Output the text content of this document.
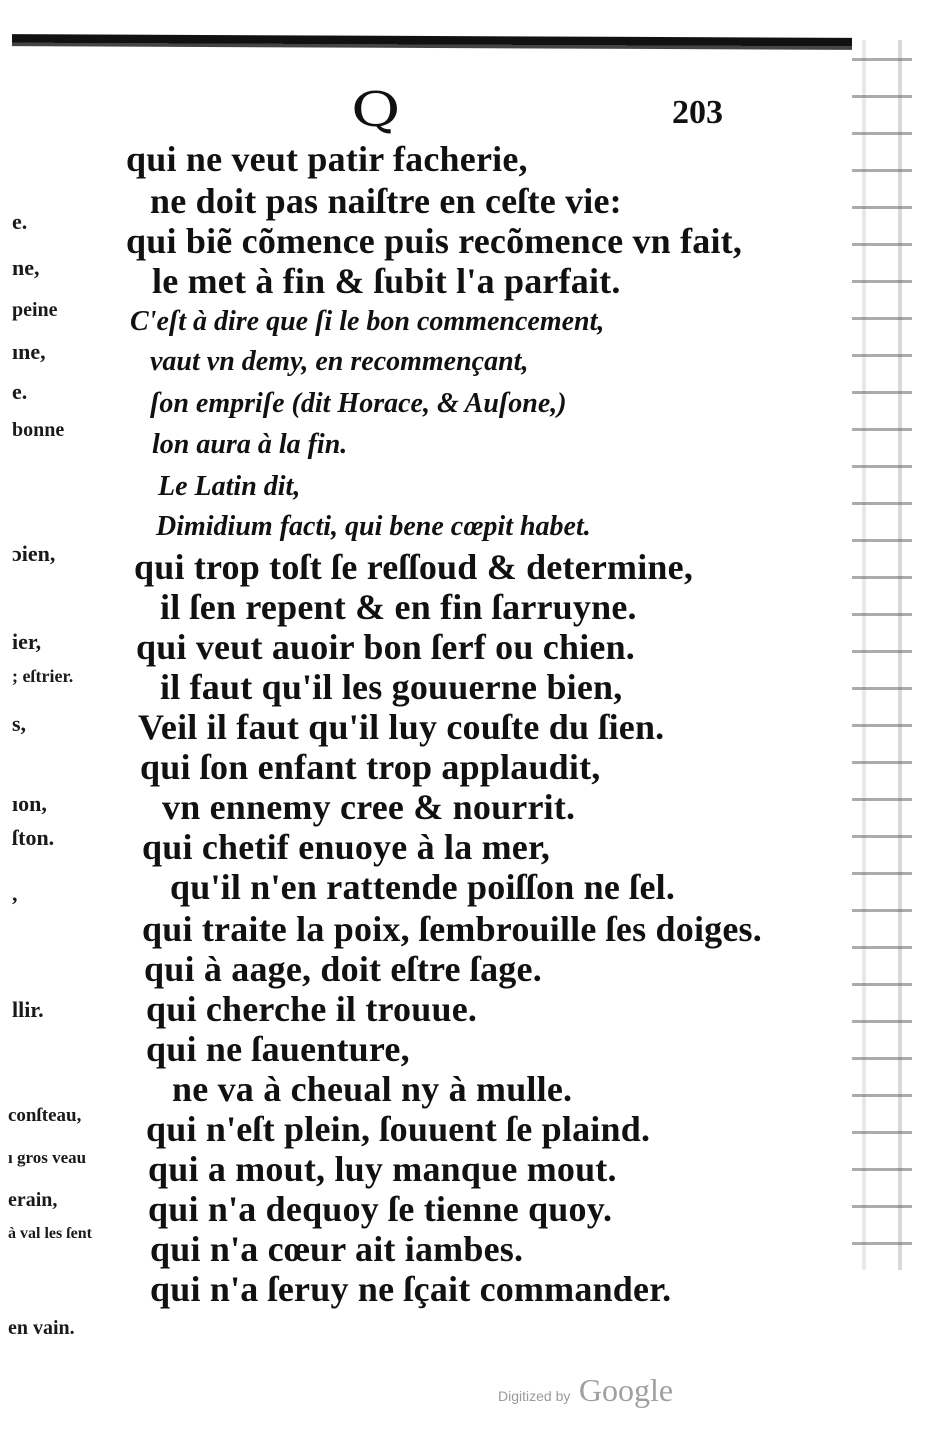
Q	203
e.
ne,
peine
ıne,
e.
bonne
ɔien,
ier,
; eſtrier.
s,
ıon,
ſton.
,
llir.
conſteau,
ı gros veau
erain,
à val les ſent
en vain.
qui ne veut patir facherie,
ne doit pas naiſtre en ceſte vie:
qui biẽ cõmence puis recõmence vn fait,
le met à fin & ſubit l'a parfait.
C'eſt à dire que ſi le bon commencement,
vaut vn demy, en recommençant,
ſon empriſe (dit Horace, & Auſone,)
lon aura à la fin.
Le Latin dit,
Dimidium facti, qui bene cœpit habet.
qui trop toſt ſe reſſoud & determine,
il ſen repent & en fin ſarruyne.
qui veut auoir bon ſerf ou chien.
il faut qu'il les gouuerne bien,
Veil il faut qu'il luy couſte du ſien.
qui ſon enfant trop applaudit,
vn ennemy cree & nourrit.
qui chetif enuoye à la mer,
qu'il n'en rattende poiſſon ne ſel.
qui traite la poix, ſembrouille ſes doiges.
qui à aage, doit eſtre ſage.
qui cherche il trouue.
qui ne ſauenture,
ne va à cheual ny à mulle.
qui n'eſt plein, ſouuent ſe plaind.
qui a mout, luy manque mout.
qui n'a dequoy ſe tienne quoy.
qui n'a cœur ait iambes.
qui n'a ſeruy ne ſçait commander.
Digitized by Google
